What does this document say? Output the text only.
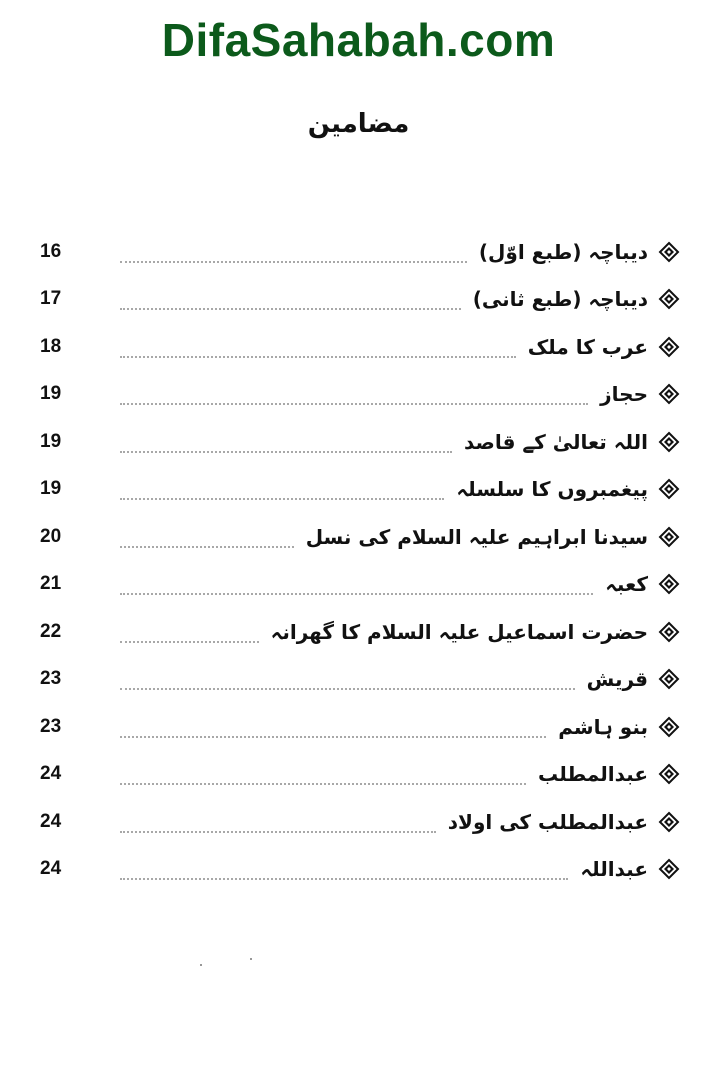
DifaSahabah.com
مضامین
16	دیباچہ (طبع اوّل)
17	دیباچہ (طبع ثانی)
18	عرب کا ملک
19	حجاز
19	اللہ تعالیٰ کے قاصد
19	پیغمبروں کا سلسلہ
20	سیدنا ابراہیم علیہ السلام کی نسل
21	کعبہ
22	حضرت اسماعیل علیہ السلام کا گھرانہ
23	قریش
23	بنو ہاشم
24	عبدالمطلب
24	عبدالمطلب کی اولاد
24	عبداللہ
